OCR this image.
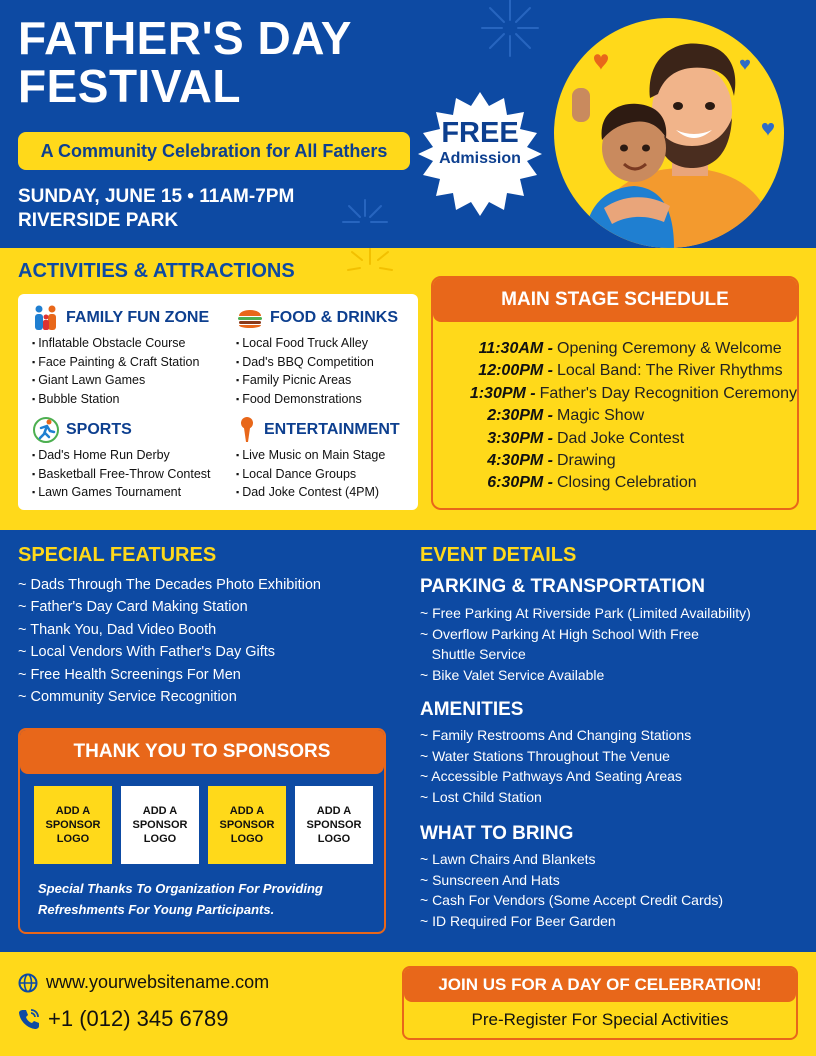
FATHER'S DAY
FESTIVAL
A Community Celebration for All Fathers
SUNDAY, JUNE 15 • 11AM-7PM
RIVERSIDE PARK
FREE
Admission
ACTIVITIES & ATTRACTIONS
FAMILY FUN ZONE
▪ Inflatable Obstacle Course
▪ Face Painting & Craft Station
▪ Giant Lawn Games
▪ Bubble Station
FOOD & DRINKS
▪ Local Food Truck Alley
▪ Dad's BBQ Competition
▪ Family Picnic Areas
▪ Food Demonstrations
SPORTS
▪ Dad's Home Run Derby
▪ Basketball Free-Throw Contest
▪ Lawn Games Tournament
ENTERTAINMENT
▪ Live Music on Main Stage
▪ Local Dance Groups
▪ Dad Joke Contest (4PM)
MAIN STAGE SCHEDULE
11:30AM - Opening Ceremony & Welcome
12:00PM - Local Band: The River Rhythms
1:30PM - Father's Day Recognition Ceremony
2:30PM - Magic Show
3:30PM - Dad Joke Contest
4:30PM - Drawing
6:30PM - Closing Celebration
SPECIAL FEATURES
~ Dads Through The Decades Photo Exhibition
~ Father's Day Card Making Station
~ Thank You, Dad Video Booth
~ Local Vendors With Father's Day Gifts
~ Free Health Screenings For Men
~ Community Service Recognition
THANK YOU TO SPONSORS
ADD A
SPONSOR
LOGO
ADD A
SPONSOR
LOGO
ADD A
SPONSOR
LOGO
ADD A
SPONSOR
LOGO
Special Thanks To Organization For Providing
Refreshments For Young Participants.
EVENT DETAILS
PARKING & TRANSPORTATION
~ Free Parking At Riverside Park (Limited Availability)
~ Overflow Parking At High School With Free
Shuttle Service
~ Bike Valet Service Available
AMENITIES
~ Family Restrooms And Changing Stations
~ Water Stations Throughout The Venue
~ Accessible Pathways And Seating Areas
~ Lost Child Station
WHAT TO BRING
~ Lawn Chairs And Blankets
~ Sunscreen And Hats
~ Cash For Vendors (Some Accept Credit Cards)
~ ID Required For Beer Garden
www.yourwebsitename.com
+1 (012) 345 6789
JOIN US FOR A DAY OF CELEBRATION!
Pre-Register For Special Activities
